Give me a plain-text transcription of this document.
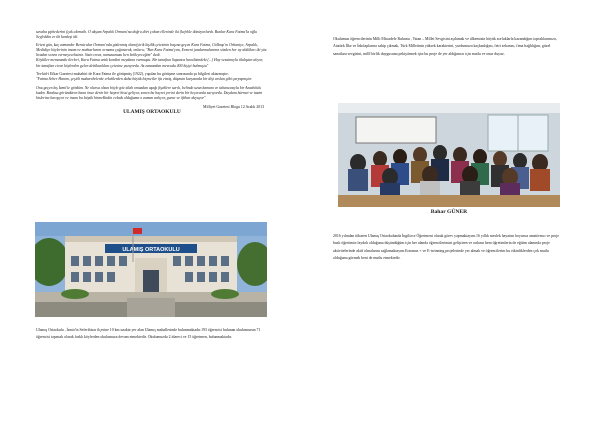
savaba şiphederini (çak alemaih. O akşam Arpalık Ormanı'na doğru dört çoban ellerinde iki (kefekle dönüyorlardı. Bunlar Kara Fatma'la oğlu Seyfeddin ve iki kardeşi idi.

Ertesi gün, kaç zamandır Beratcıdar Ormanı'nda gizlenmiş olanı(yirik kişilik çetesinin başına geçen Kara Fatma, Gölbaşı'nı Orhaniye, Arpalık, Medidiye köylerinin imam ve muhtarlarını ormana çağırtarak, onlara; "Ben Kara Fatma'yım, Ermeni jandarmalarının sözden her ay aldıkları iki yüz liradan sonra vermeyeceksiniz. Sizin crezz, namusunuzu ben bekleyeceğim" dedi.

Köylüler memnundu ilerleri, Kara Fatma artık kendini meydana vurmuştu. Bir tanafiun Sapanca havalisindeki (...) Hay vesatmıyla tilalıştan alıyor, bir tanafian civar köylerden gelen dettikanlıları çetesine yazıyordu. Az zamandan mevcudu 400 kişiyi bulmuştu"

Tevhid-i Efkar Gazetesi muhabiri de Kara Fatma ile görüşmüş (1922), yapılan bu görüşme sonrasında şu bilgileri aktarmıştır:

"Fatma Seher Hanım, çeşitli muharebelerde erkeklerden daha büyük biçmetler ifa etmiş, düşman karşısında bir dişi arslan gibi çarpışmıştır.

Onu geçen kış İzmit'te gördüm. Ne olursa olsun böyle göz silah omuzdan aşağı fişeklere sarılı, belinde uzun kamanı ve tabancasıyla bir Anadolulu kadın. Bıraksa göründüren bana önce derin bir hayret hissi geliyor, sonra bu hayret yerini derin bir heyecanla sarıyordu. Duydum hürmet ve tazim hislerine karışıyor ve insan bu büyük hirmeKndin evlads olduğuma o zaman anlıyor, gurur ve iftihar duyuyor"

Milliyet Gazetesi Blogu 12 Aralık 2013

ULAMIŞ ORTAOKULU

ULAMIŞ ORTAOKULU

Ulamış Ortaokulu , İzmir'in Seferihisar ilçesine 10 km uzakta yer alan Ulamış mahallesinde bulunmaktadır.193 öğrencisi bulunan okulumuzun 71 öğrencisi taşımalı olarak farklı köylerden okulumuza devam etmektedir. Okulumuzda 2 idareci ve 15 öğretmen, bulunmaktadır.

Okulumuz öğrencilerinin Milli Mücadele Ruhunu , Vatan – Millet Sevgisini aşılamak ve ülkemizin büyük zorluklarla kazandığım topraklarımıza, Atatürk İlke ve İnkılaplarına sahip çıkmak, Türk Milletinin yüksek karakterini, yurdumuza kaçkanlığını, fetri zekasını, fima bağlılığını, güzel sanatlara sevgisini, millî birlik duygusunu pekiştirmek için bu proje de yer aldığımızı için mutlu ve onur duyuz.

Bahar GÜNER

2016 yılından itibaren Ulamış Ortaokulunda İngilizce Öğretmeni olarak görev yapmaktayım.16 yıllık meslek hayatım boyunca amatörmcı ve proje bazlı öğretimin faydalı olduğunu düşündüğüm için her alanda öğrencilerimizi geliştiren ve onların hem öğretimlerin de eğitim alanında proje aktivitelerinde aktif olmalarını sağlamaktayım.Erasmus + ve E-twinning projelerinde yer almak ve öğrencilerim bu etkinliklerden çok mutlu olduğunu görmek beni de mutlu etmektedir.
